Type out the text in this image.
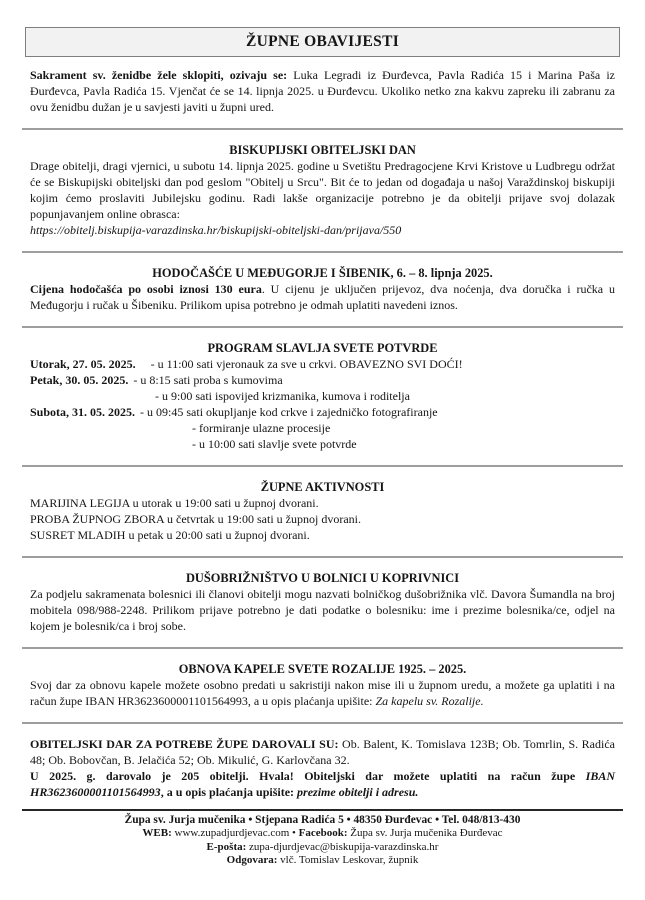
ŽUPNE OBAVIJESTI

Sakrament sv. ženidbe žele sklopiti, ozivaju se: Luka Legradi iz Đurđevca, Pavla Radića 15 i Marina Paša iz Đurđevca, Pavla Radića 15. Vjenčat će se 14. lipnja 2025. u Đurđevcu. Ukoliko netko zna kakvu zapreku ili zabranu za ovu ženidbu dužan je u savjesti javiti u župni ured.

BISKUPIJSKI OBITELJSKI DAN

Drage obitelji, dragi vjernici, u subotu 14. lipnja 2025. godine u Svetištu Predragocjene Krvi Kristove u Ludbregu održat će se Biskupijski obiteljski dan pod geslom "Obitelj u Srcu". Bit će to jedan od događaja u našoj Varaždinskoj biskupiji kojim ćemo proslaviti Jubilejsku godinu. Radi lakše organizacije potrebno je da obitelji prijave svoj dolazak popunjavanjem online obrasca:
https://obitelj.biskupija-varazdinska.hr/biskupijski-obiteljski-dan/prijava/550

HODOČAŠĆE U MEĐUGORJE I ŠIBENIK, 6. – 8. lipnja 2025.

Cijena hodočašća po osobi iznosi 130 eura. U cijenu je uključen prijevoz, dva noćenja, dva doručka i ručka u Međugorju i ručak u Šibeniku. Prilikom upisa potrebno je odmah uplatiti navedeni iznos.

PROGRAM SLAVLJA SVETE POTVRDE
Utorak, 27. 05. 2025. - u 11:00 sati vjeronauk za sve u crkvi. OBAVEZNO SVI DOĆI!
Petak, 30. 05. 2025. - u 8:15 sati proba s kumovima
- u 9:00 sati ispovijed krizmanika, kumova i roditelja
Subota, 31. 05. 2025. - u 09:45 sati okupljanje kod crkve i zajedničko fotografiranje
- formiranje ulazne procesije
- u 10:00 sati slavlje svete potvrde
ŽUPNE AKTIVNOSTI
MARIJINA LEGIJA u utorak u 19:00 sati u župnoj dvorani.
PROBA ŽUPNOG ZBORA u četvrtak u 19:00 sati u župnoj dvorani.
SUSRET MLADIH u petak u 20:00 sati u župnoj dvorani.
DUŠOBRIŽNIŠTVO U BOLNICI U KOPRIVNICI

Za podjelu sakramenata bolesnici ili članovi obitelji mogu nazvati bolničkog dušobrižnika vlč. Davora Šumandla na broj mobitela 098/988-2248. Prilikom prijave potrebno je dati podatke o bolesniku: ime i prezime bolesnika/ce, odjel na kojem je bolesnik/ca i broj sobe.

OBNOVA KAPELE SVETE ROZALIJE 1925. – 2025.

Svoj dar za obnovu kapele možete osobno predati u sakristiji nakon mise ili u župnom uredu, a možete ga uplatiti i na račun župe IBAN HR3623600001101564993, a u opis plaćanja upišite: Za kapelu sv. Rozalije.

OBITELJSKI DAR ZA POTREBE ŽUPE DAROVALI SU: Ob. Balent, K. Tomislava 123B; Ob. Tomrlin, S. Radića 48; Ob. Bobovčan, B. Jelačića 52; Ob. Mikulić, G. Karlovčana 32.

U 2025. g. darovalo je 205 obitelji. Hvala! Obiteljski dar možete uplatiti na račun župe IBAN HR3623600001101564993, a u opis plaćanja upišite: prezime obitelji i adresu.

Župa sv. Jurja mučenika • Stjepana Radića 5 • 48350 Đurđevac • Tel. 048/813-430
WEB: www.zupadjurdjevac.com • Facebook: Župa sv. Jurja mučenika Đurđevac
E-pošta: zupa-djurdjevac@biskupija-varazdinska.hr
Odgovara: vlč. Tomislav Leskovar, župnik
